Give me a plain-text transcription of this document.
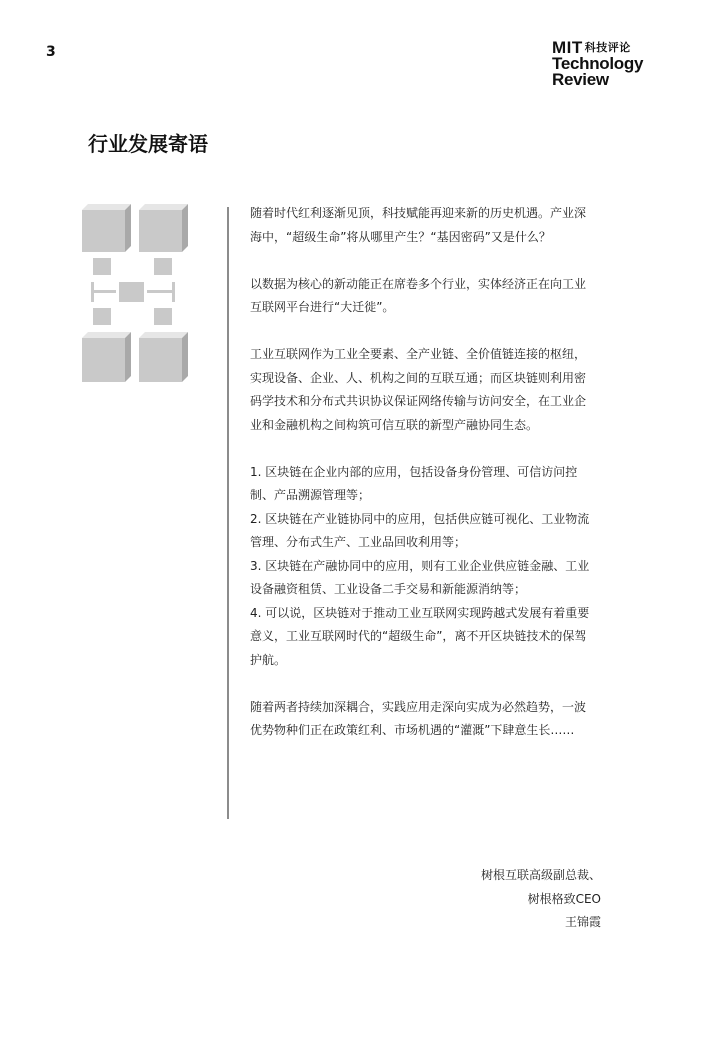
3	MIT 科技评论
Technology
Review
行业发展寄语

随着时代红利逐渐见顶，科技赋能再迎来新的历史机遇。产业深海中，“超级生命”将从哪里产生？“基因密码”又是什么？

以数据为核心的新动能正在席卷多个行业，实体经济正在向工业互联网平台进行“大迁徙”。

工业互联网作为工业全要素、全产业链、全价值链连接的枢纽，实现设备、企业、人、机构之间的互联互通；而区块链则利用密码学技术和分布式共识协议保证网络传输与访问安全，在工业企业和金融机构之间构筑可信互联的新型产融协同生态。

1. 区块链在企业内部的应用，包括设备身份管理、可信访问控制、产品溯源管理等；

2. 区块链在产业链协同中的应用，包括供应链可视化、工业物流管理、分布式生产、工业品回收利用等；

3. 区块链在产融协同中的应用，则有工业企业供应链金融、工业设备融资租赁、工业设备二手交易和新能源消纳等；

4. 可以说，区块链对于推动工业互联网实现跨越式发展有着重要意义，工业互联网时代的“超级生命”，离不开区块链技术的保驾护航。

随着两者持续加深耦合，实践应用走深向实成为必然趋势，一波优势物种们正在政策红利、市场机遇的“灌溉”下肆意生长……

树根互联高级副总裁、
树根格致CEO
王锦霞
